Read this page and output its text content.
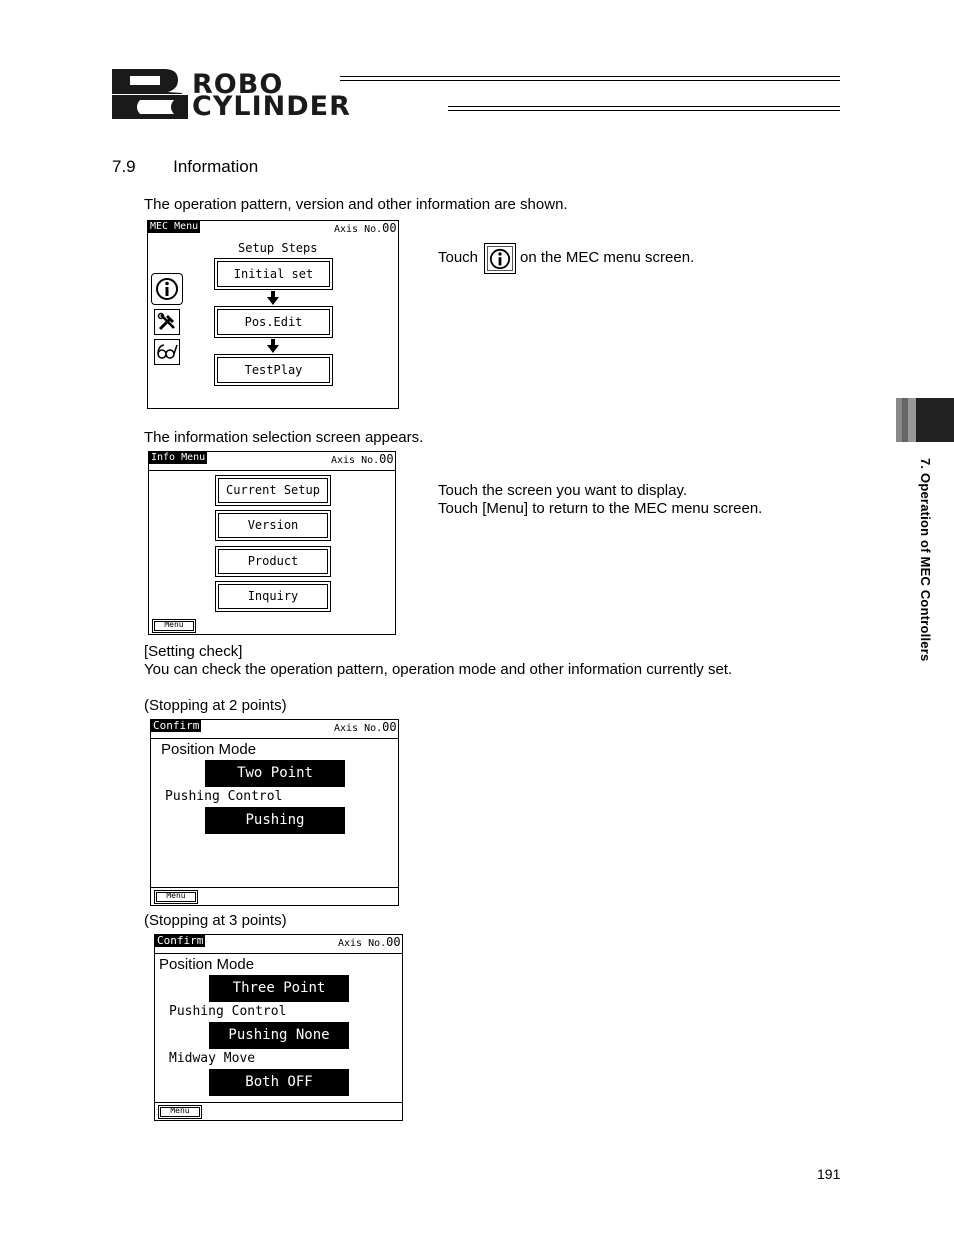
ROBO
CYLINDER
7.9 Information
The operation pattern, version and other information are shown.
MEC Menu	Axis No.00
Setup Steps
Initial set
Pos.Edit
TestPlay
Touch	on the MEC menu screen.
The information selection screen appears.
Info Menu	Axis No.00
Current Setup
Version
Product
Inquiry
Menu
Touch the screen you want to display.
Touch [Menu] to return to the MEC menu screen.
[Setting check]
You can check the operation pattern, operation mode and other information currently set.
(Stopping at 2 points)
Confirm	Axis No.00
Position Mode
Two Point
Pushing Control
Pushing
Menu
(Stopping at 3 points)
Confirm	Axis No.00
Position Mode
Three Point
Pushing Control
Pushing None
Midway Move
Both OFF
Menu
7. Operation of MEC Controllers
191
